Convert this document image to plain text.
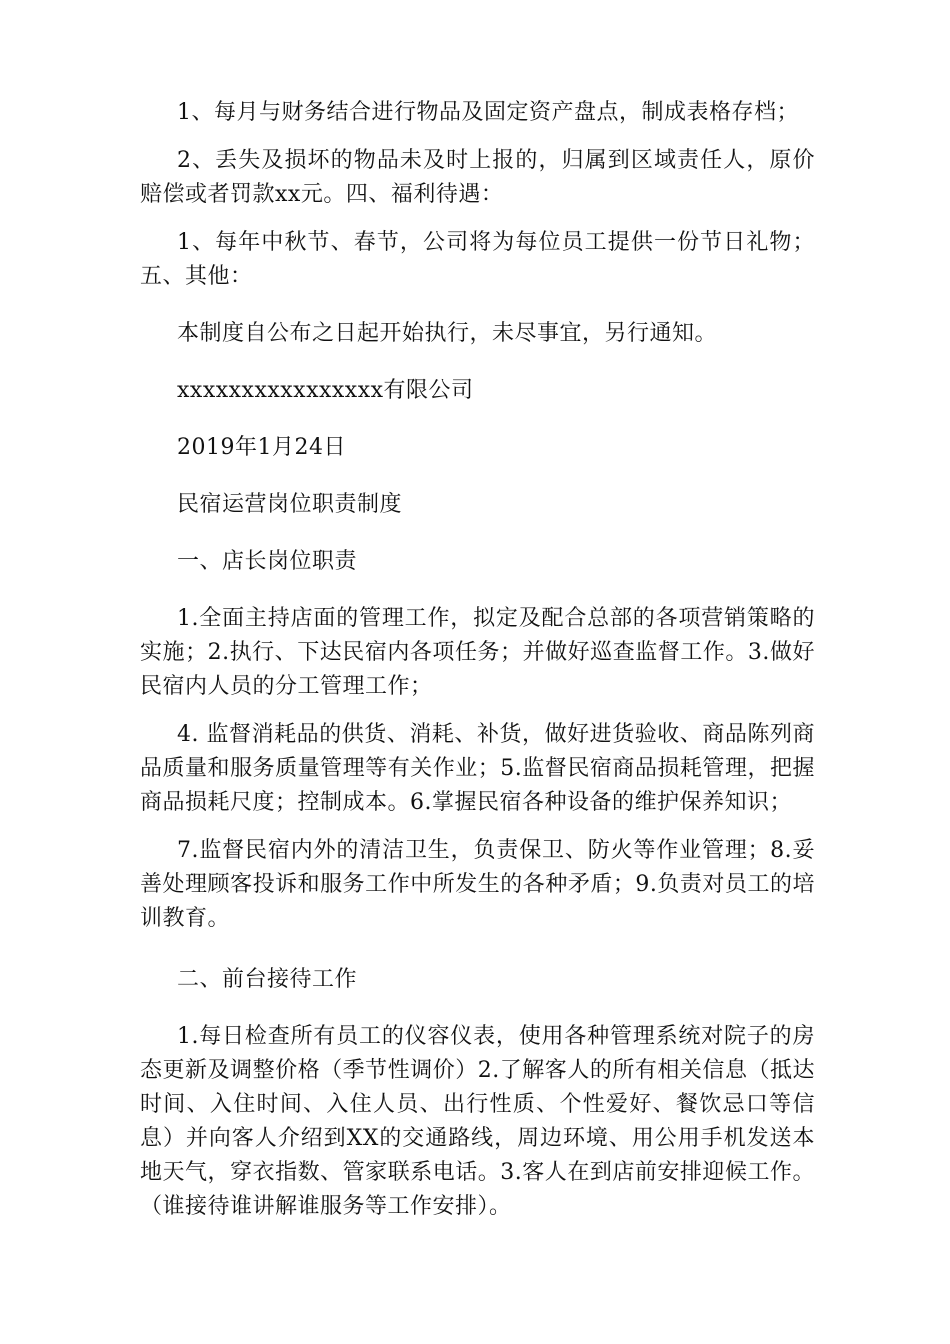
1、每月与财务结合进行物品及固定资产盘点，制成表格存档；

2、丢失及损坏的物品未及时上报的，归属到区域责任人，原价赔偿或者罚款xx元。四、福利待遇：

1、每年中秋节、春节，公司将为每位员工提供一份节日礼物；五、其他：

本制度自公布之日起开始执行，未尽事宜，另行通知。

xxxxxxxxxxxxxxxx有限公司

2019年1月24日

民宿运营岗位职责制度

一、店长岗位职责

1.全面主持店面的管理工作，拟定及配合总部的各项营销策略的实施；2.执行、下达民宿内各项任务；并做好巡查监督工作。3.做好民宿内人员的分工管理工作；

4. 监督消耗品的供货、消耗、补货，做好进货验收、商品陈列商品质量和服务质量管理等有关作业；5.监督民宿商品损耗管理，把握商品损耗尺度；控制成本。6.掌握民宿各种设备的维护保养知识；

7.监督民宿内外的清洁卫生，负责保卫、防火等作业管理；8.妥善处理顾客投诉和服务工作中所发生的各种矛盾；9.负责对员工的培训教育。

二、前台接待工作

1.每日检查所有员工的仪容仪表，使用各种管理系统对院子的房态更新及调整价格（季节性调价）2.了解客人的所有相关信息（抵达时间、入住时间、入住人员、出行性质、个性爱好、餐饮忌口等信息）并向客人介绍到XX的交通路线，周边环境、用公用手机发送本地天气，穿衣指数、管家联系电话。3.客人在到店前安排迎候工作。（谁接待谁讲解谁服务等工作安排）。
